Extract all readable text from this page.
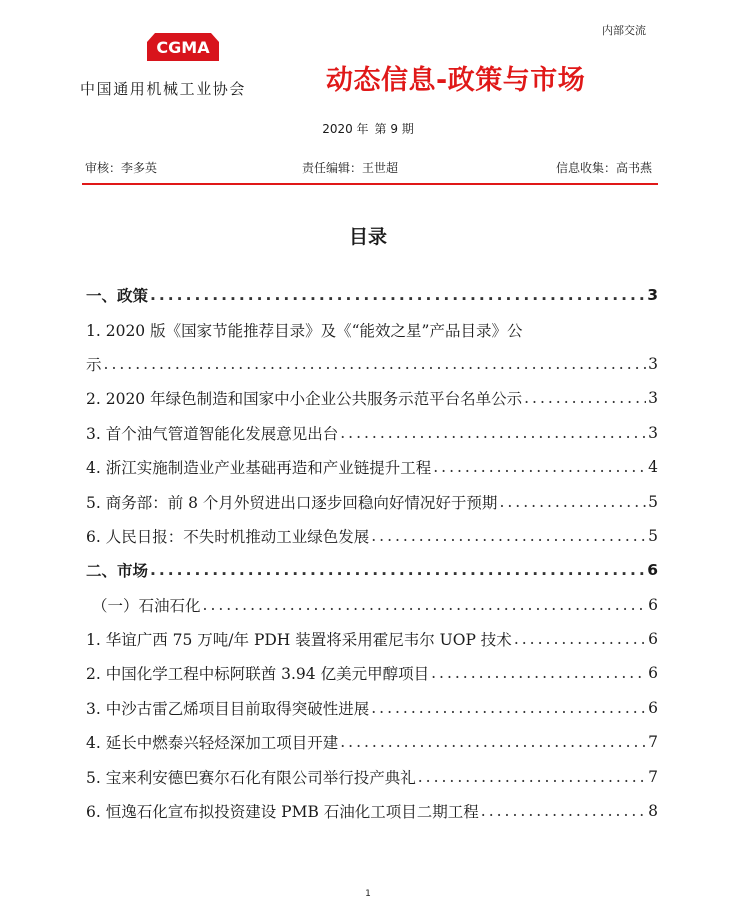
内部交流
CGMA
中国通用机械工业协会	动态信息-政策与市场
2020 年 第 9 期
审核：李多英	责任编辑：王世超	信息收集：高书燕
目录
一、政策 .....	3
1. 2020 版《国家节能推荐目录》及《“能效之星”产品目录》公
示 .....	3
2. 2020 年绿色制造和国家中小企业公共服务示范平台名单公示 .....	3
3. 首个油气管道智能化发展意见出台 .....	3
4. 浙江实施制造业产业基础再造和产业链提升工程 .....	4
5. 商务部：前 8 个月外贸进出口逐步回稳向好情况好于预期 .....	5
6. 人民日报：不失时机推动工业绿色发展 .....	5
二、市场 .....	6
（一）石油石化 .....	6
1. 华谊广西 75 万吨/年 PDH 装置将采用霍尼韦尔 UOP 技术 .....	6
2. 中国化学工程中标阿联酋 3.94 亿美元甲醇项目 .....	6
3. 中沙古雷乙烯项目目前取得突破性进展 .....	6
4. 延长中燃泰兴轻烃深加工项目开建 .....	7
5. 宝来利安德巴赛尔石化有限公司举行投产典礼 .....	7
6. 恒逸石化宣布拟投资建设 PMB 石油化工项目二期工程 .....	8
1
